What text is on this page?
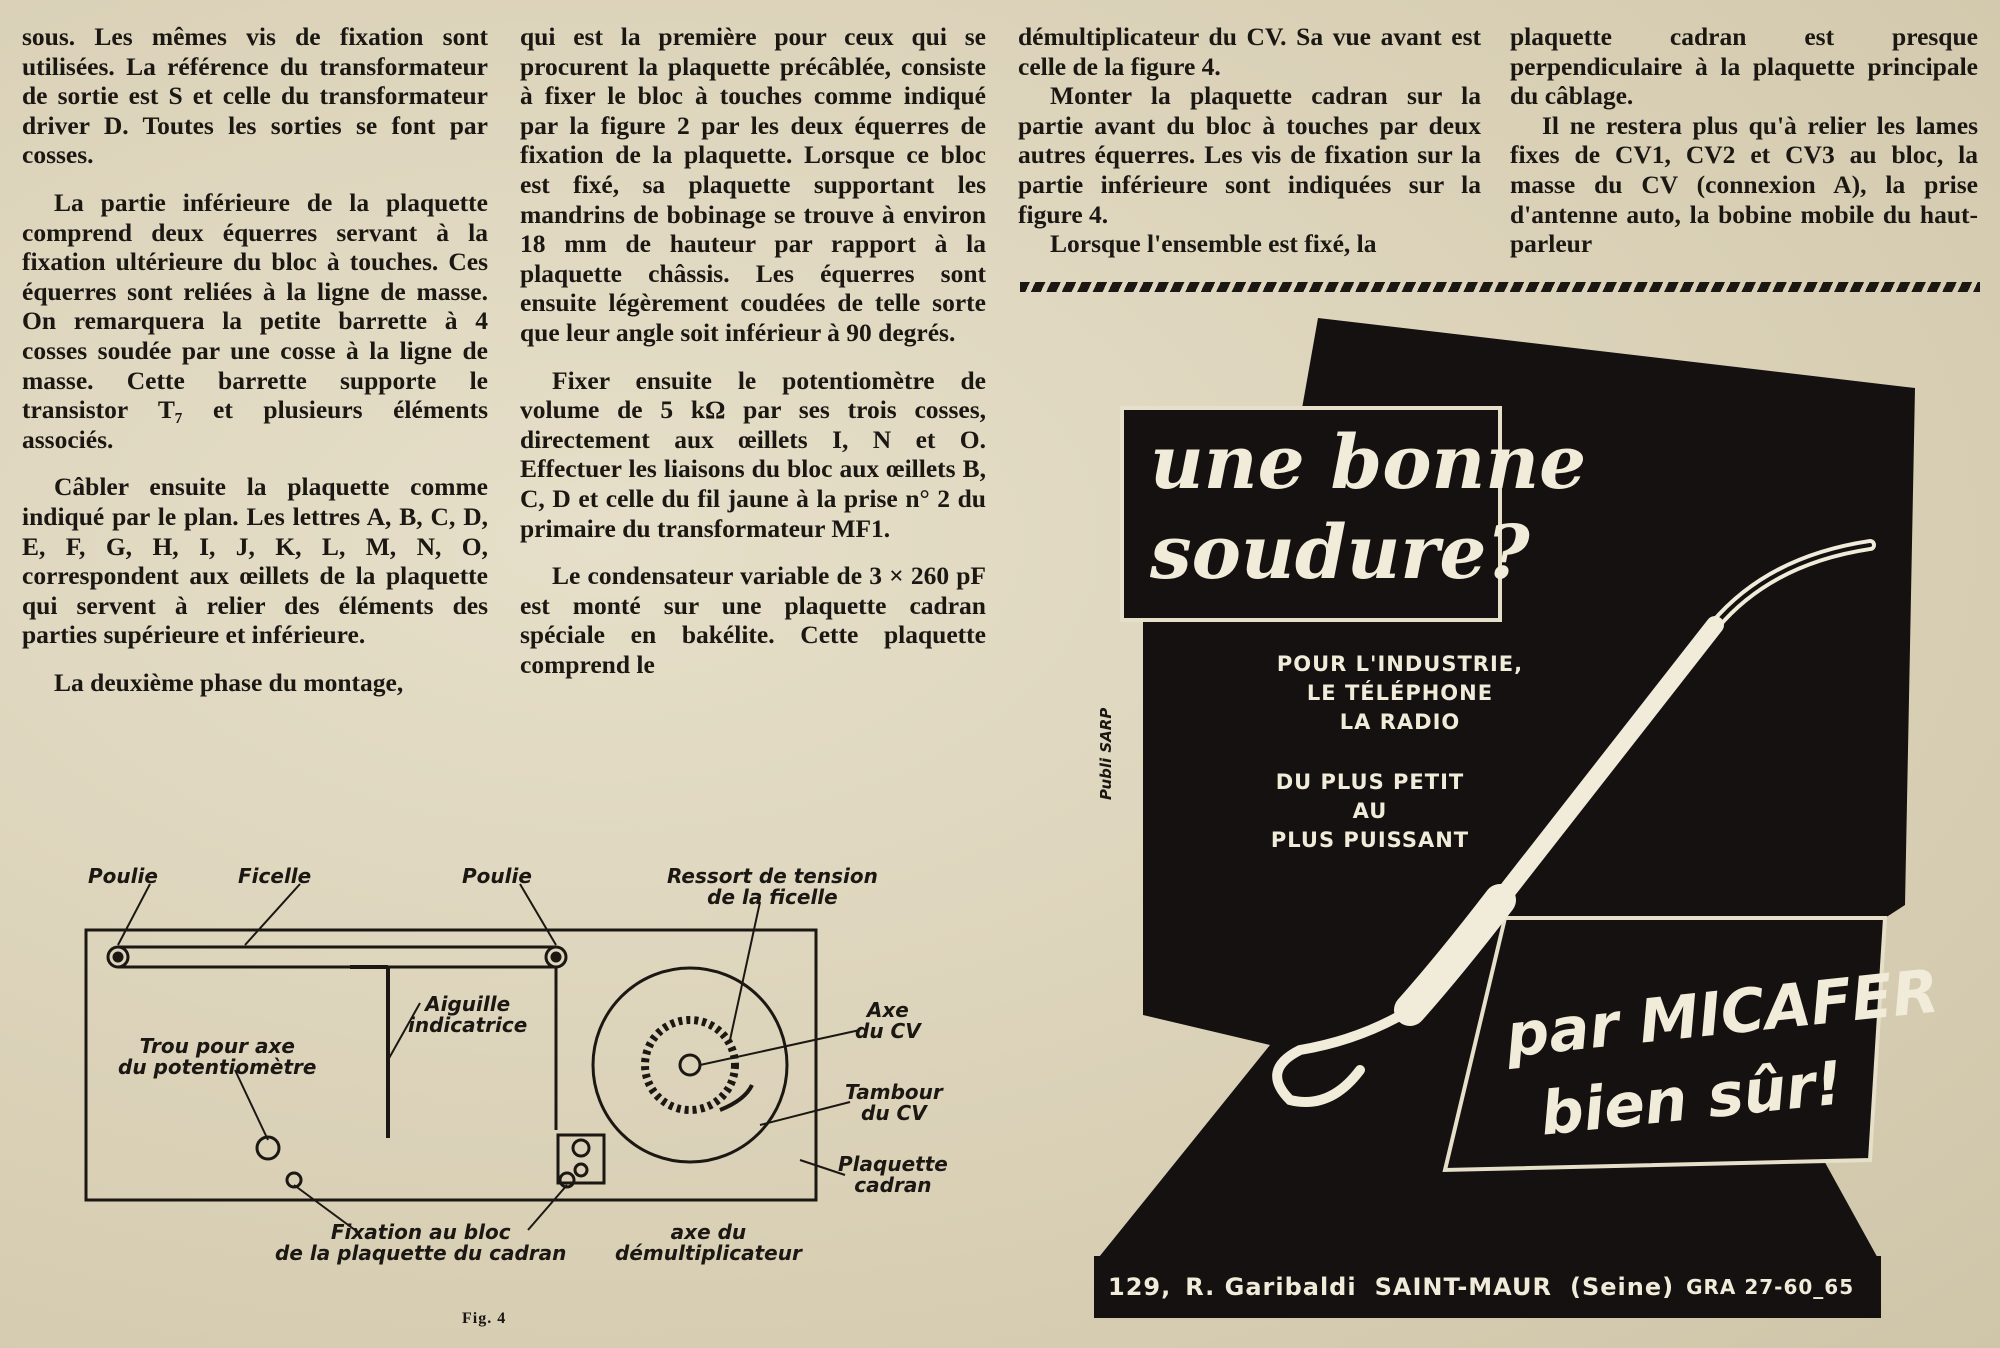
sous. Les mêmes vis de fixation sont utilisées. La référence du transformateur de sortie est S et celle du transformateur driver D. Toutes les sorties se font par cosses.

La partie inférieure de la plaquette comprend deux équerres servant à la fixation ultérieure du bloc à touches. Ces équerres sont reliées à la ligne de masse. On remarquera la petite barrette à 4 cosses soudée par une cosse à la ligne de masse. Cette barrette supporte le transistor T₇ et plusieurs éléments associés.

Câbler ensuite la plaquette comme indiqué par le plan. Les lettres A, B, C, D, E, F, G, H, I, J, K, L, M, N, O, correspondent aux œillets de la plaquette qui servent à relier des éléments des parties supérieure et inférieure.

La deuxième phase du montage,

qui est la première pour ceux qui se procurent la plaquette précâblée, consiste à fixer le bloc à touches comme indiqué par la figure 2 par les deux équerres de fixation de la plaquette. Lorsque ce bloc est fixé, sa plaquette supportant les mandrins de bobinage se trouve à environ 18 mm de hauteur par rapport à la plaquette châssis. Les équerres sont ensuite légèrement coudées de telle sorte que leur angle soit inférieur à 90 degrés.

Fixer ensuite le potentiomètre de volume de 5 kΩ par ses trois cosses, directement aux œillets I, N et O. Effectuer les liaisons du bloc aux œillets B, C, D et celle du fil jaune à la prise n° 2 du primaire du transformateur MF1.

Le condensateur variable de 3 × 260 pF est monté sur une plaquette cadran spéciale en bakélite. Cette plaquette comprend le

démultiplicateur du CV. Sa vue avant est celle de la figure 4.

Monter la plaquette cadran sur la partie avant du bloc à touches par deux autres équerres. Les vis de fixation sur la partie inférieure sont indiquées sur la figure 4.

Lorsque l'ensemble est fixé, la

plaquette cadran est presque perpendiculaire à la plaquette principale du câblage.

Il ne restera plus qu'à relier les lames fixes de CV1, CV2 et CV3 au bloc, la masse du CV (connexion A), la prise d'antenne auto, la bobine mobile du haut-parleur

Poulie	Ficelle	Poulie	Ressort de tension
de la ficelle
Aiguille
indicatrice
Axe
du CV
Trou pour axe
du potentiomètre
Tambour
du CV
Plaquette
cadran
Fixation au bloc
de la plaquette du cadran
axe du
démultiplicateur
Fig. 4
une bonne
soudure?
POUR L'INDUSTRIE,
LE TÉLÉPHONE
LA RADIO
DU PLUS PETIT
AU
PLUS PUISSANT
par MICAFER
bien sûr!
Publi SARP
129, R. Garibaldi SAINT-MAUR (Seine) GRA 27-60_65
